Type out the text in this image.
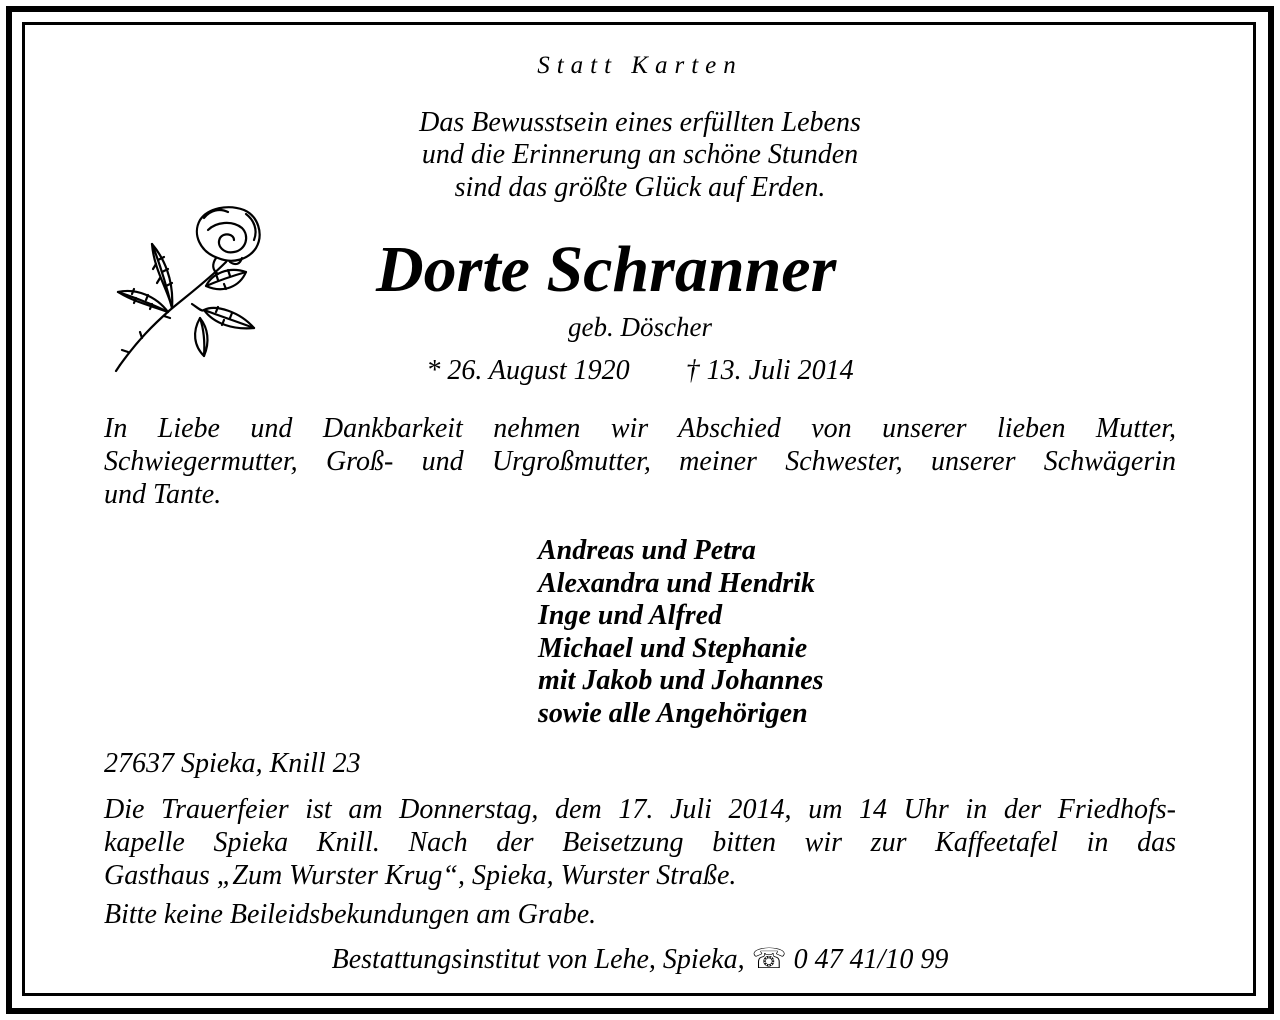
Statt Karten
Das Bewusstsein eines erfüllten Lebens
und die Erinnerung an schöne Stunden
sind das größte Glück auf Erden.
Dorte Schranner
geb. Döscher
* 26. August 1920 † 13. Juli 2014
In Liebe und Dankbarkeit nehmen wir Abschied von unserer lieben Mutter,
Schwiegermutter, Groß- und Urgroßmutter, meiner Schwester, unserer Schwägerin
und Tante.
Andreas und Petra
Alexandra und Hendrik
Inge und Alfred
Michael und Stephanie
mit Jakob und Johannes
sowie alle Angehörigen
27637 Spieka, Knill 23
Die Trauerfeier ist am Donnerstag, dem 17. Juli 2014, um 14 Uhr in der Friedhofs-
kapelle Spieka Knill. Nach der Beisetzung bitten wir zur Kaffeetafel in das
Gasthaus „Zum Wurster Krug“, Spieka, Wurster Straße.
Bitte keine Beileidsbekundungen am Grabe.
Bestattungsinstitut von Lehe, Spieka, ☏ 0 47 41/10 99
